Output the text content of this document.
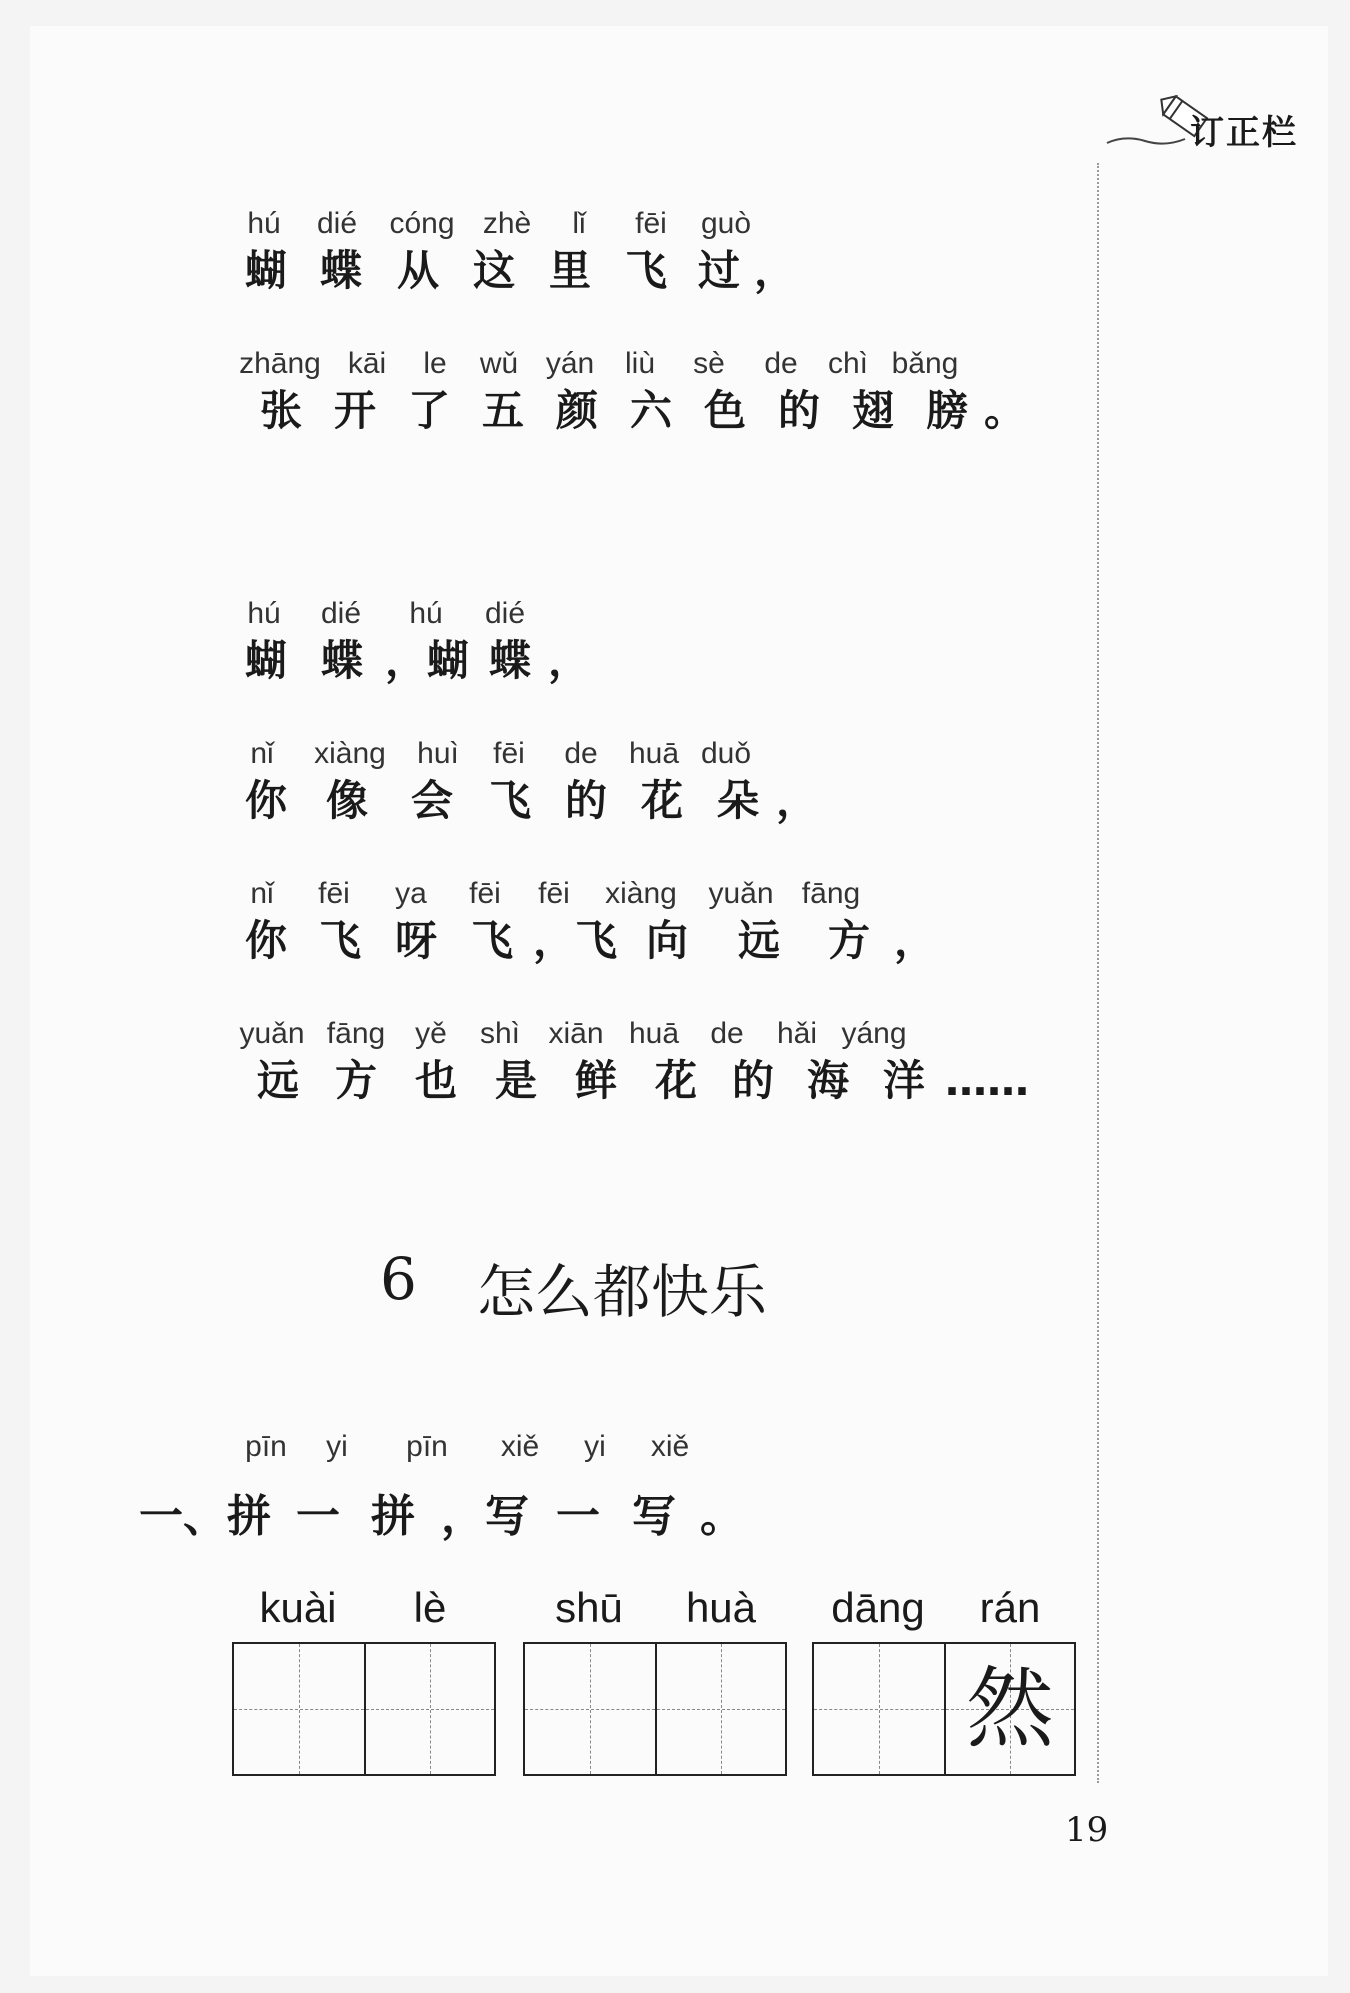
订正栏
hú	dié	cóng zhè	lǐ	fēi	guò
蝴 蝶 从 这 里 飞 过 ，
zhāng kāi	le	wǔ yán	liù	sè	de	chì bǎng
张 开 了 五 颜 六 色 的 翅 膀 。
hú	dié	hú	dié
蝴 蝶 ，蝴 蝶 ，
nǐ	xiàng	huì	fēi	de	huā duǒ
你 像	会 飞 的 花 朵 ，
nǐ	fēi	ya	fēi	fēi	xiàng	yuǎn fāng
你 飞 呀 飞 ，飞 向	远	方 ，
yuǎn fāng yě	shì xiān huā	de	hǎi yáng
远 方 也 是 鲜 花 的 海 洋 ……
6 怎么都快乐
pīn	yi	pīn	xiě	yi	xiě
一、拼 一 拼 ，写 一 写 。
kuài	lè	shū	huà	dāng	rán
然
19
